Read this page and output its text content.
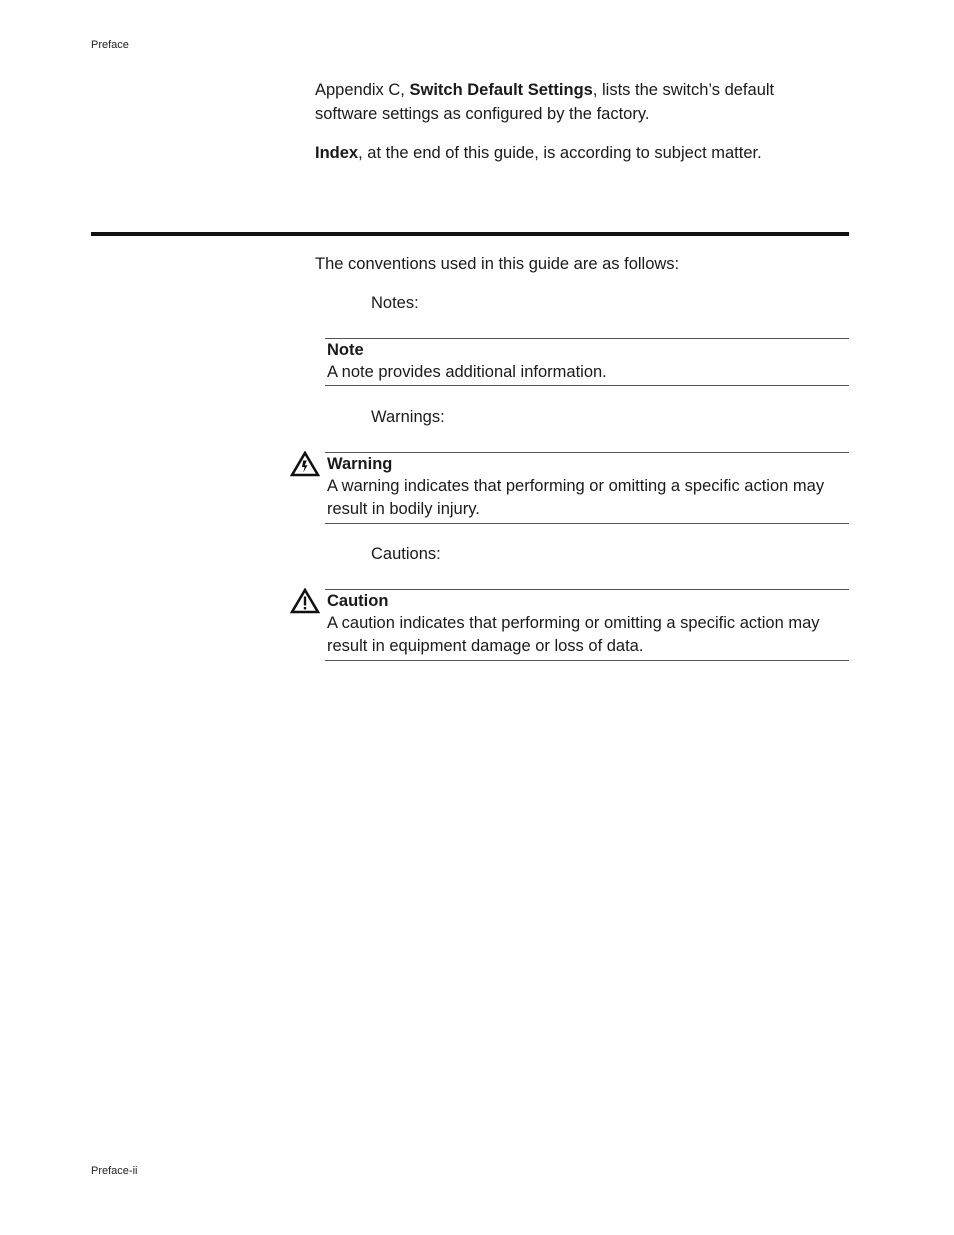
Preface
Appendix C, Switch Default Settings, lists the switch’s default software settings as configured by the factory.
Index, at the end of this guide, is according to subject matter.
The conventions used in this guide are as follows:
Notes:
Note
A note provides additional information.
Warnings:
Warning
A warning indicates that performing or omitting a specific action may result in bodily injury.
Cautions:
Caution
A caution indicates that performing or omitting a specific action may result in equipment damage or loss of data.
Preface-ii
